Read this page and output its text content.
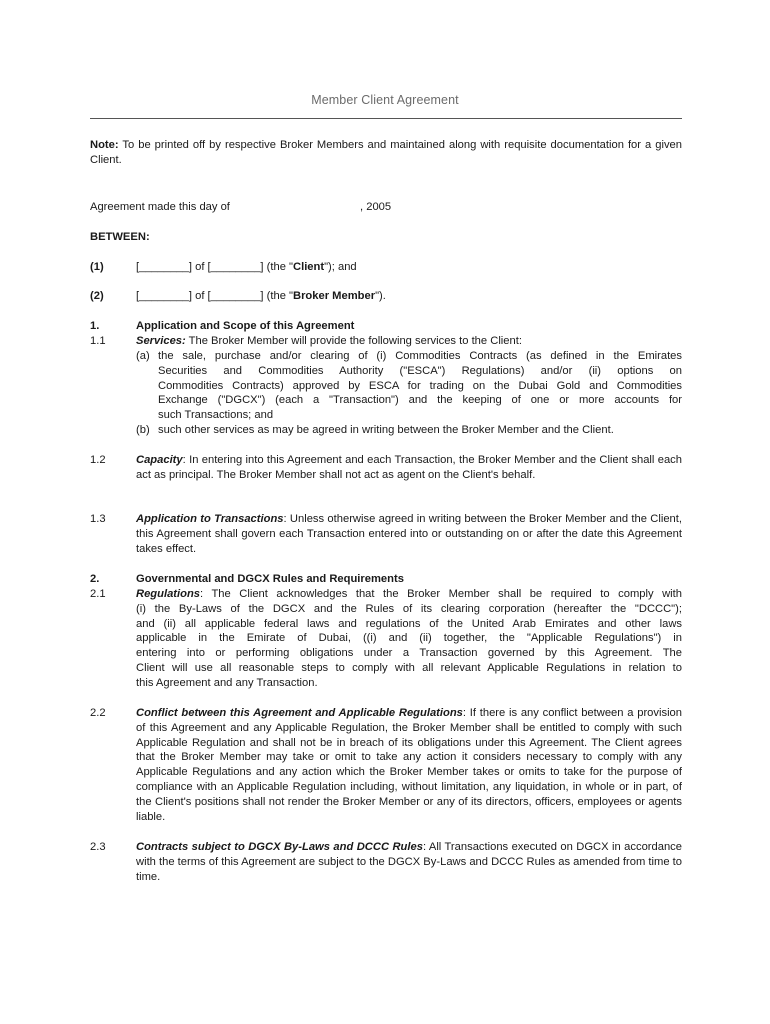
Member Client Agreement
Note: To be printed off by respective Broker Members and maintained along with requisite documentation for a given Client.
Agreement made this day of	, 2005
BETWEEN:
(1)	[________] of [________] (the "Client"); and
(2)	[________] of [________] (the "Broker Member").
1.	Application and Scope of this Agreement
1.1	Services: The Broker Member will provide the following services to the Client:
(a) the sale, purchase and/or clearing of (i) Commodities Contracts (as defined in the Emirates
Securities and Commodities Authority ("ESCA") Regulations) and/or (ii) options on
Commodities Contracts) approved by ESCA for trading on the Dubai Gold and Commodities
Exchange ("DGCX") (each a "Transaction") and the keeping of one or more accounts for
such Transactions; and
(b) such other services as may be agreed in writing between the Broker Member and the Client.
1.2	Capacity: In entering into this Agreement and each Transaction, the Broker Member and the Client shall each act as principal. The Broker Member shall not act as agent on the Client's behalf.
1.3	Application to Transactions: Unless otherwise agreed in writing between the Broker Member and the Client, this Agreement shall govern each Transaction entered into or outstanding on or after the date this Agreement takes effect.
2.	Governmental and DGCX Rules and Requirements
2.1	Regulations: The Client acknowledges that the Broker Member shall be required to comply with
(i) the By-Laws of the DGCX and the Rules of its clearing corporation (hereafter the "DCCC");
and (ii) all applicable federal laws and regulations of the United Arab Emirates and other laws
applicable in the Emirate of Dubai, ((i) and (ii) together, the "Applicable Regulations") in
entering into or performing obligations under a Transaction governed by this Agreement. The
Client will use all reasonable steps to comply with all relevant Applicable Regulations in relation to
this Agreement and any Transaction.
2.2	Conflict between this Agreement and Applicable Regulations: If there is any conflict between a provision of this Agreement and any Applicable Regulation, the Broker Member shall be entitled to comply with such Applicable Regulation and shall not be in breach of its obligations under this Agreement. The Client agrees that the Broker Member may take or omit to take any action it considers necessary to comply with any Applicable Regulations and any action which the Broker Member takes or omits to take for the purpose of compliance with an Applicable Regulation including, without limitation, any liquidation, in whole or in part, of the Client's positions shall not render the Broker Member or any of its directors, officers, employees or agents liable.
2.3	Contracts subject to DGCX By-Laws and DCCC Rules: All Transactions executed on DGCX in accordance with the terms of this Agreement are subject to the DGCX By-Laws and DCCC Rules as amended from time to time.
